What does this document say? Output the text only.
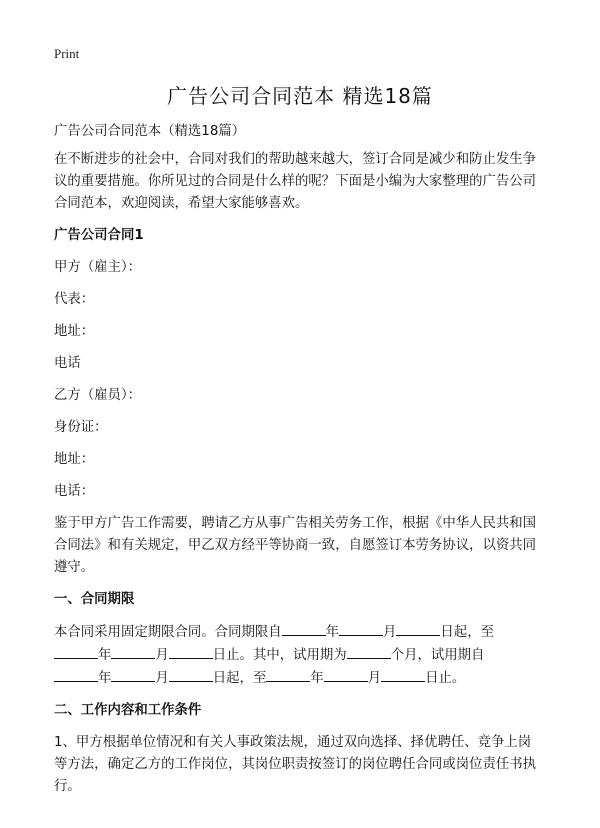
Print
广告公司合同范本 精选18篇

广告公司合同范本（精选18篇）

在不断进步的社会中，合同对我们的帮助越来越大，签订合同是减少和防止发生争

议的重要措施。你所见过的合同是什么样的呢？下面是小编为大家整理的广告公司

合同范本，欢迎阅读，希望大家能够喜欢。

广告公司合同1

甲方（雇主）：

代表：

地址：

电话

乙方（雇员）：

身份证：

地址：

电话：

鉴于甲方广告工作需要，聘请乙方从事广告相关劳务工作，根据《中华人民共和国

合同法》和有关规定，甲乙双方经平等协商一致，自愿签订本劳务协议，以资共同

遵守。

一、合同期限

本合同采用固定期限合同。合同期限自	年	月	日起，至

年	月	日止。其中，试用期为	个月，试用期自

年	月	日起，至	年	月	日止。

二、工作内容和工作条件

1、甲方根据单位情况和有关人事政策法规，通过双向选择、择优聘任、竞争上岗

等方法，确定乙方的工作岗位，其岗位职责按签订的岗位聘任合同或岗位责任书执

行。
